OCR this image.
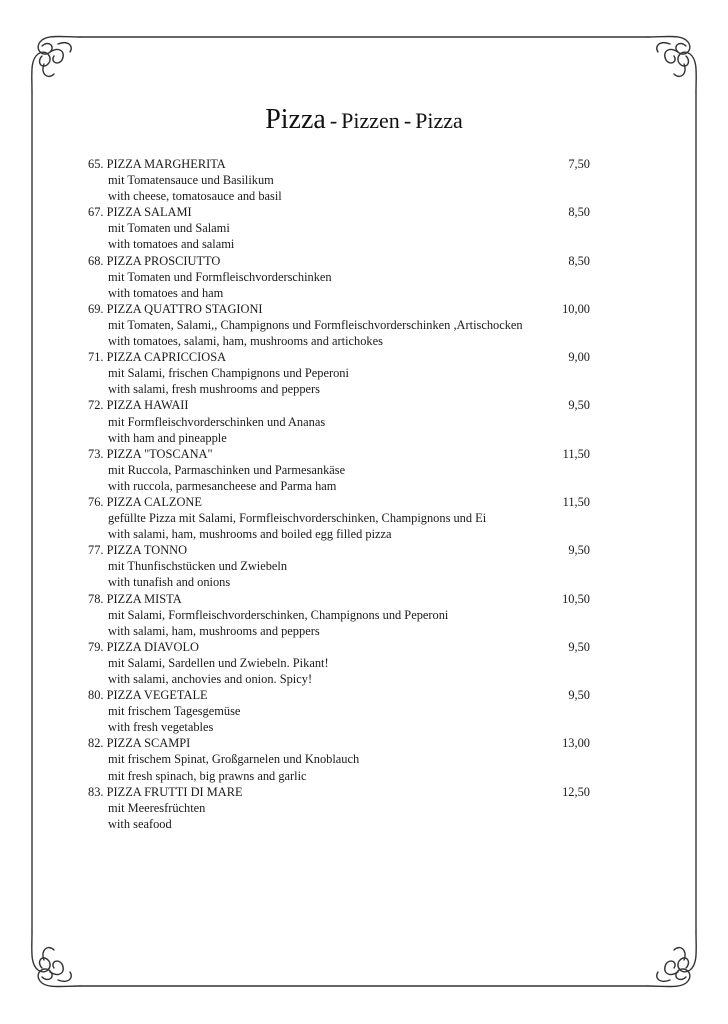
Pizza - Pizzen - Pizza
65. PIZZA MARGHERITA	7,50
mit Tomatensauce und Basilikum
with cheese, tomatosauce and basil
67. PIZZA SALAMI	8,50
mit Tomaten und Salami
with tomatoes and salami
68. PIZZA PROSCIUTTO	8,50
mit Tomaten und Formfleischvorderschinken
with tomatoes and ham
69. PIZZA QUATTRO STAGIONI	10,00
mit Tomaten, Salami,, Champignons und Formfleischvorderschinken ,Artischocken
with tomatoes, salami, ham, mushrooms and artichokes
71. PIZZA CAPRICCIOSA	9,00
mit Salami, frischen Champignons und Peperoni
with salami, fresh mushrooms and peppers
72. PIZZA HAWAII	9,50
mit Formfleischvorderschinken und Ananas
with ham and pineapple
73. PIZZA "TOSCANA"	11,50
mit Ruccola, Parmaschinken und Parmesankäse
with ruccola, parmesancheese and Parma ham
76. PIZZA CALZONE	11,50
gefüllte Pizza mit Salami, Formfleischvorderschinken, Champignons und Ei
with salami, ham, mushrooms and boiled egg filled pizza
77. PIZZA TONNO	9,50
mit Thunfischstücken und Zwiebeln
with tunafish and onions
78. PIZZA MISTA	10,50
mit Salami, Formfleischvorderschinken, Champignons und Peperoni
with salami, ham, mushrooms and peppers
79. PIZZA DIAVOLO	9,50
mit Salami, Sardellen und Zwiebeln. Pikant!
with salami, anchovies and onion. Spicy!
80. PIZZA VEGETALE	9,50
mit frischem Tagesgemüse
with fresh vegetables
82. PIZZA SCAMPI	13,00
mit frischem Spinat, Großgarnelen und Knoblauch
mit fresh spinach, big prawns and garlic
83. PIZZA FRUTTI DI MARE	12,50
mit Meeresfrüchten
with seafood
